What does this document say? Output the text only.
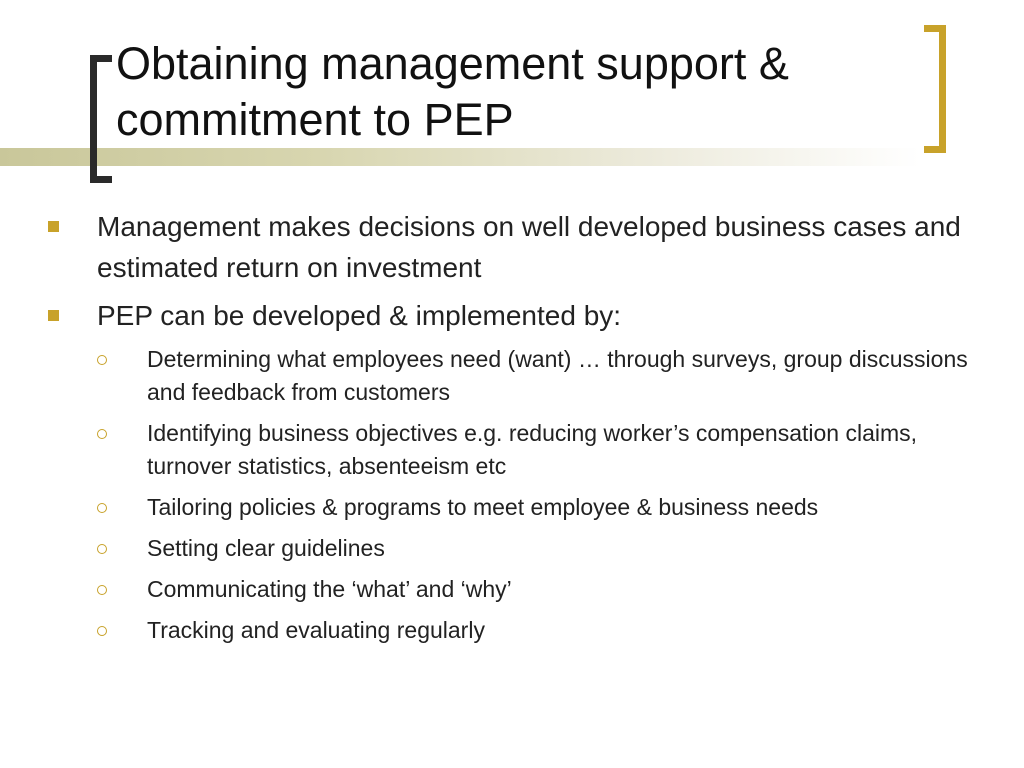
Obtaining management support & commitment to PEP
Management makes decisions on well developed business cases and estimated return on investment
PEP can be developed & implemented by:
Determining what employees need (want) … through surveys, group discussions and feedback from customers
Identifying business objectives e.g. reducing worker’s compensation claims, turnover statistics, absenteeism etc
Tailoring policies & programs to meet employee & business needs
Setting clear guidelines
Communicating the ‘what’ and ‘why’
Tracking and evaluating regularly
